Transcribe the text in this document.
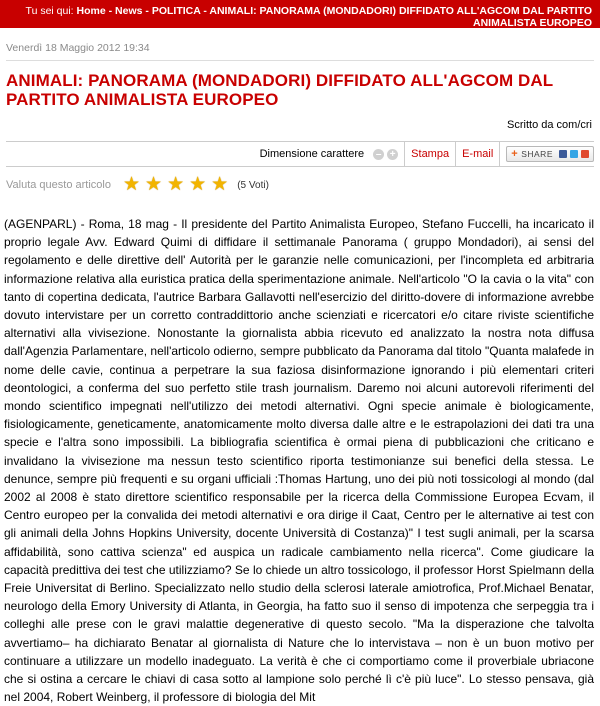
Tu sei qui: Home - News - POLITICA - ANIMALI: PANORAMA (MONDADORI) DIFFIDATO ALL'AGCOM DAL PARTITO ANIMALISTA EUROPEO
Venerdì 18 Maggio 2012 19:34
ANIMALI: PANORAMA (MONDADORI) DIFFIDATO ALL'AGCOM DAL PARTITO ANIMALISTA EUROPEO
Scritto da com/cri
Dimensione carattere – + Stampa E-mail + SHARE
Valuta questo articolo ★ ★ ★ ★ ★ (5 Voti)
(AGENPARL) - Roma, 18 mag - Il presidente del Partito Animalista Europeo, Stefano Fuccelli, ha incaricato il proprio legale Avv. Edward Quimi di diffidare il settimanale Panorama ( gruppo Mondadori), ai sensi del regolamento e delle direttive dell' Autorità per le garanzie nelle comunicazioni, per l'incompleta ed arbitraria informazione relativa alla euristica pratica della sperimentazione animale. Nell'articolo "O la cavia o la vita" con tanto di copertina dedicata, l'autrice Barbara Gallavotti nell'esercizio del diritto-dovere di informazione avrebbe dovuto intervistare per un corretto contraddittorio anche scienziati e ricercatori e/o citare riviste scientifiche alternativi alla vivisezione. Nonostante la giornalista abbia ricevuto ed analizzato la nostra nota diffusa dall'Agenzia Parlamentare, nell'articolo odierno, sempre pubblicato da Panorama dal titolo "Quanta malafede in nome delle cavie, continua a perpetrare la sua faziosa disinformazione ignorando i più elementari criteri deontologici, a conferma del suo perfetto stile trash journalism. Daremo noi alcuni autorevoli riferimenti del mondo scientifico impegnati nell'utilizzo dei metodi alternativi. Ogni specie animale è biologicamente, fisiologicamente, geneticamente, anatomicamente molto diversa dalle altre e le estrapolazioni dei dati tra una specie e l'altra sono impossibili. La bibliografia scientifica è ormai piena di pubblicazioni che criticano e invalidano la vivisezione ma nessun testo scientifico riporta testimonianze sui benefici della stessa. Le denunce, sempre più frequenti e su organi ufficiali :Thomas Hartung, uno dei più noti tossicologi al mondo (dal 2002 al 2008 è stato direttore scientifico responsabile per la ricerca della Commissione Europea Ecvam, il Centro europeo per la convalida dei metodi alternativi e ora dirige il Caat, Centro per le alternative ai test con gli animali della Johns Hopkins University, docente Università di Costanza)" I test sugli animali, per la scarsa affidabilità, sono cattiva scienza" ed auspica un radicale cambiamento nella ricerca". Come giudicare la capacità predittiva dei test che utilizziamo? Se lo chiede un altro tossicologo, il professor Horst Spielmann della Freie Universitat di Berlino. Specializzato nello studio della sclerosi laterale amiotrofica, Prof.Michael Benatar, neurologo della Emory University di Atlanta, in Georgia, ha fatto suo il senso di impotenza che serpeggia tra i colleghi alle prese con le gravi malattie degenerative di questo secolo. "Ma la disperazione che talvolta avvertiamo– ha dichiarato Benatar al giornalista di Nature che lo intervistava – non è un buon motivo per continuare a utilizzare un modello inadeguato. La verità è che ci comportiamo come il proverbiale ubriacone che si ostina a cercare le chiavi di casa sotto al lampione solo perché lì c'è più luce". Lo stesso pensava, già nel 2004, Robert Weinberg, il professore di biologia del Mit
